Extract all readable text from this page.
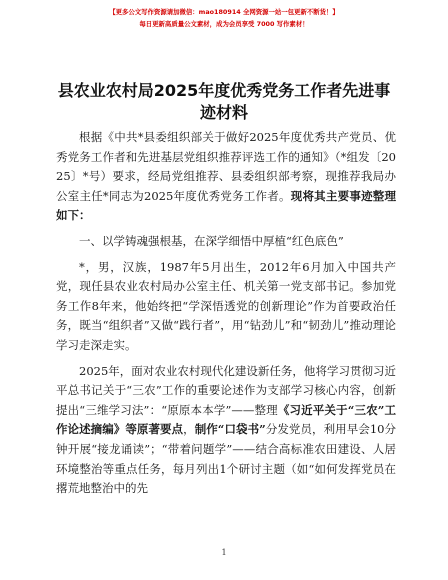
【更多公文写作资源请加微信：mao180914 全网资源一站一包更新不断货！】
每日更新高质量公文素材，成为会员享受 7000 写作素材！
县农业农村局2025年度优秀党务工作者先进事迹材料

根据《中共*县委组织部关于做好2025年度优秀共产党员、优秀党务工作者和先进基层党组织推荐评选工作的通知》（*组发〔2025〕*号）要求，经局党组推荐、县委组织部考察，现推荐我局办公室主任*同志为2025年度优秀党务工作者。现将其主要事迹整理如下：

一、以学铸魂强根基，在深学细悟中厚植“红色底色”

*，男，汉族，1987年5月出生，2012年6月加入中国共产党，现任县农业农村局办公室主任、机关第一党支部书记。参加党务工作8年来，他始终把“学深悟透党的创新理论”作为首要政治任务，既当“组织者”又做“践行者”，用“钻劲儿”和“韧劲儿”推动理论学习走深走实。

2025年，面对农业农村现代化建设新任务，他将学习贯彻习近平总书记关于“三农”工作的重要论述作为支部学习核心内容，创新提出“三维学习法”：“原原本本学”——整理《习近平关于“三农”工作论述摘编》等原著要点，制作“口袋书”分发党员，利用早会10分钟开展“接龙诵读”；“带着问题学”——结合高标准农田建设、人居环境整治等重点任务，每月列出1个研讨主题（如“如何发挥党员在撂荒地整治中的先

1
